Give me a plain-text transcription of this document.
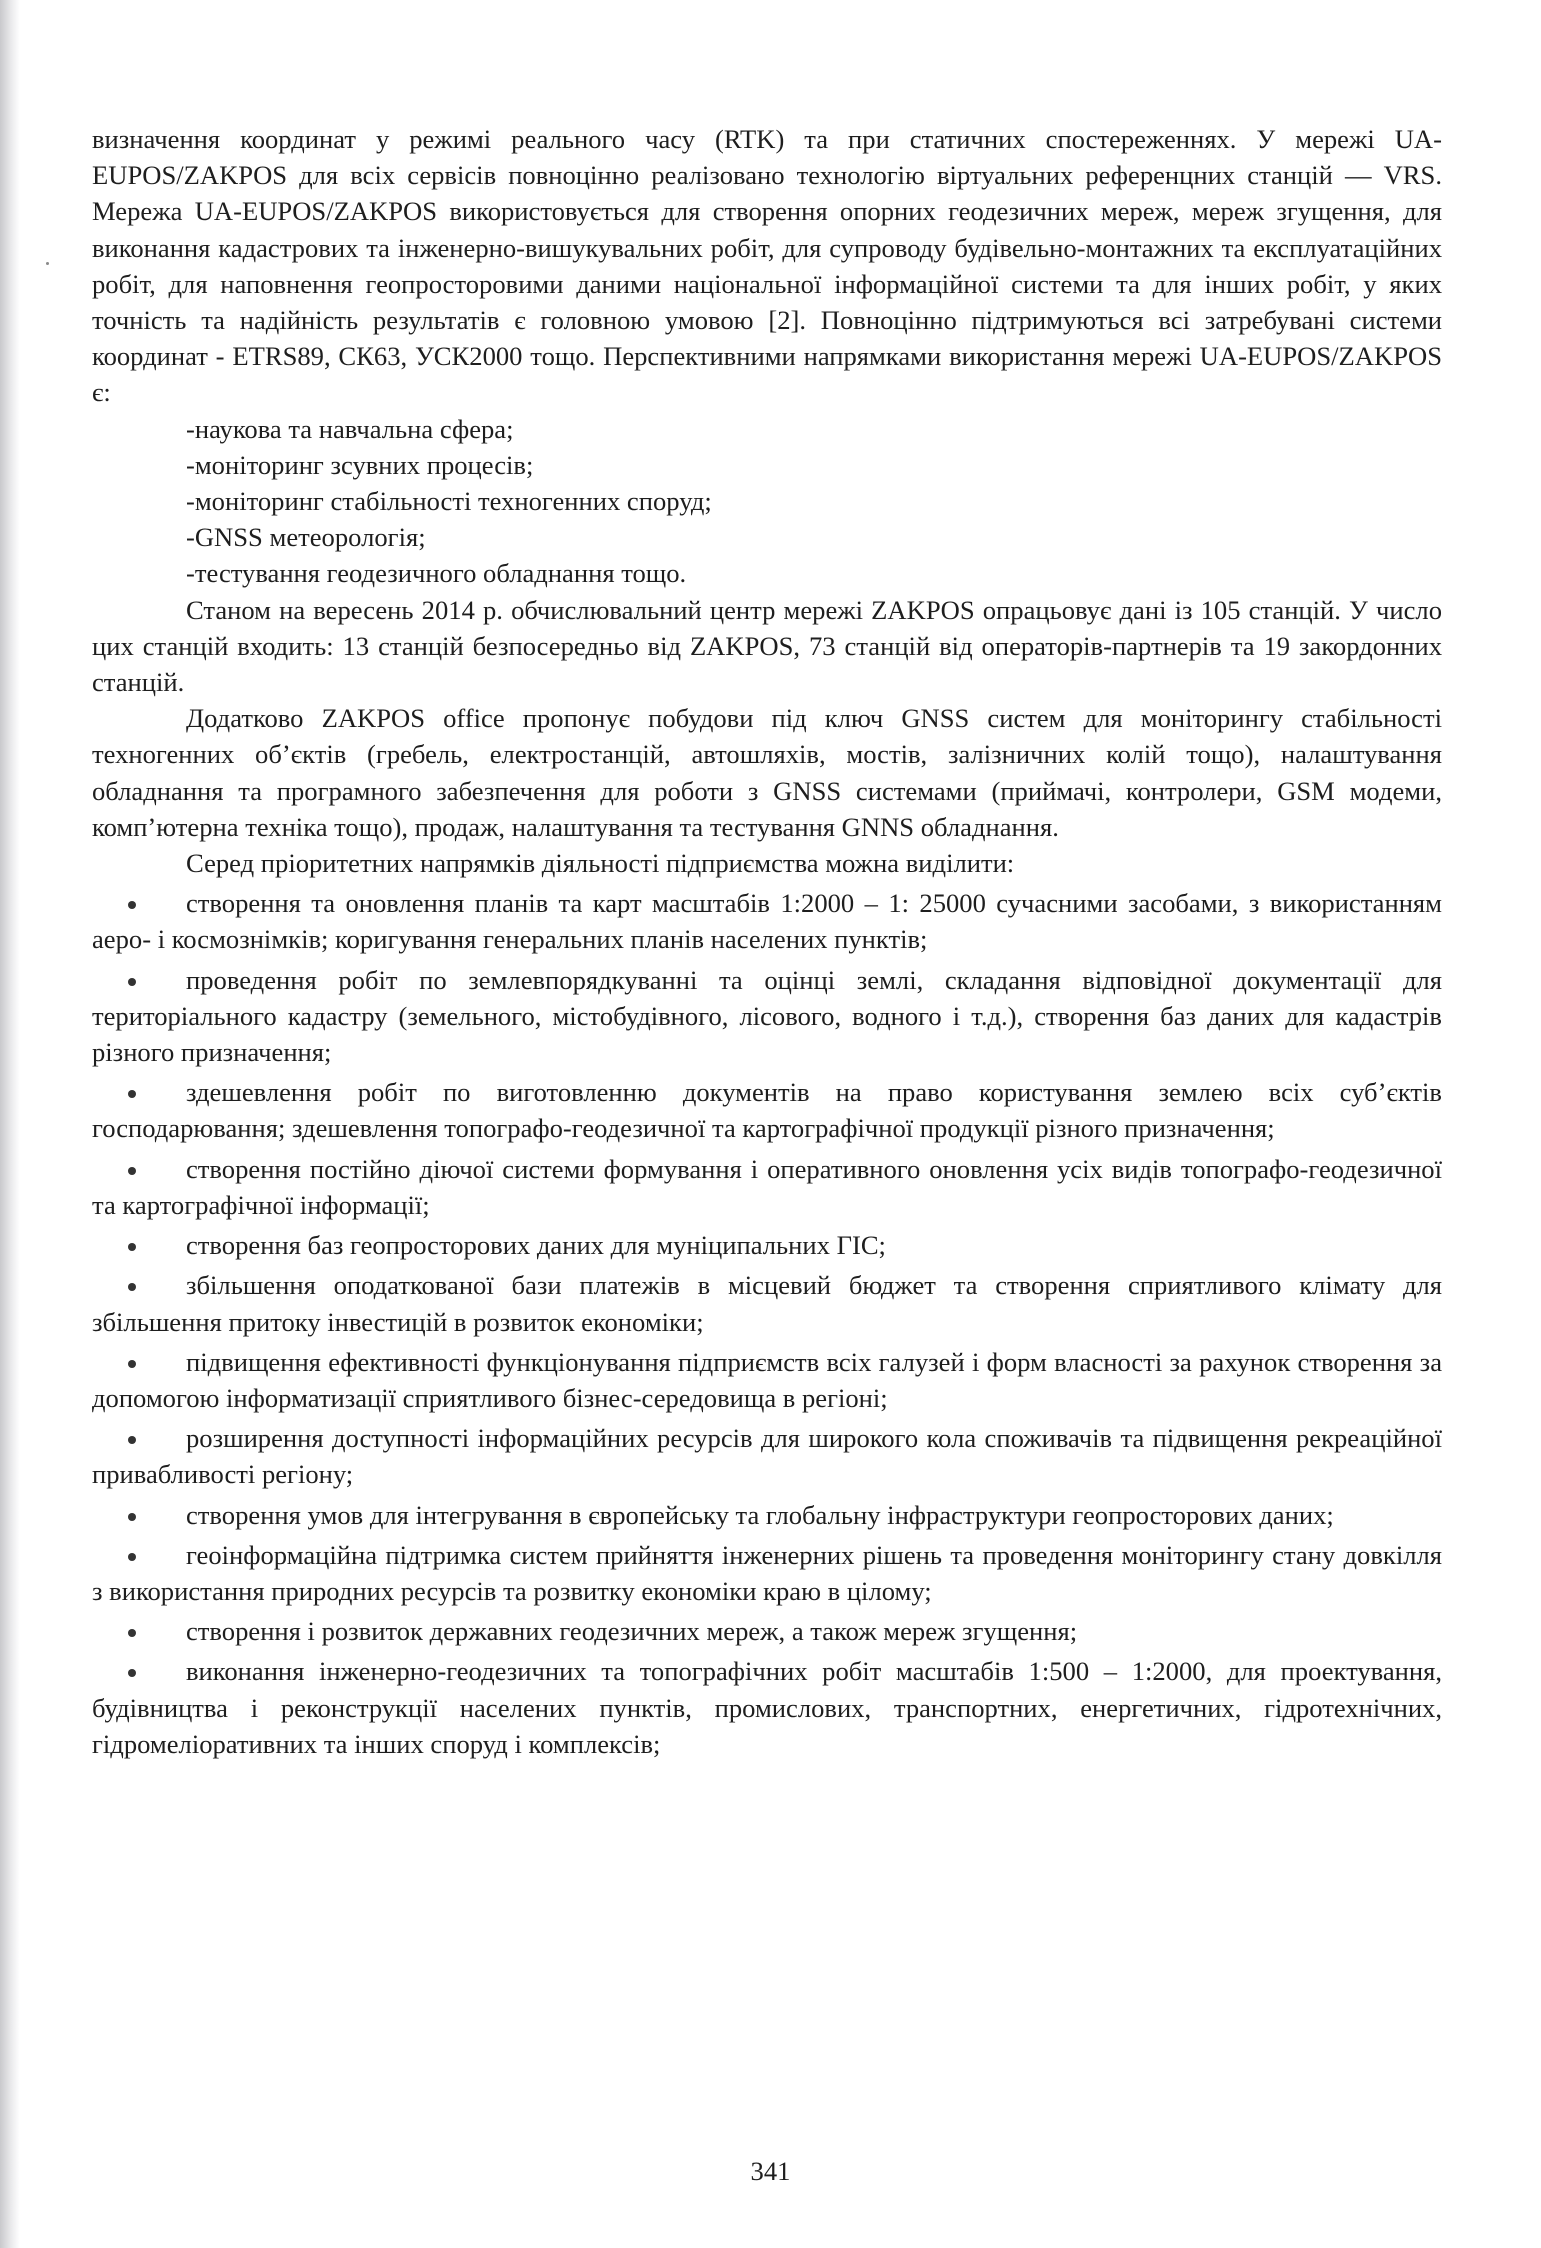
визначення координат у режимі реального часу (RTK) та при статичних спостереженнях. У мережі UA-EUPOS/ZAKPOS для всіх сервісів повноцінно реалізовано технологію віртуальних референцних станцій — VRS. Мережа UA-EUPOS/ZAKPOS використовується для створення опорних геодезичних мереж, мереж згущення, для виконання кадастрових та інженерно-вишукувальних робіт, для супроводу будівельно-монтажних та експлуатаційних робіт, для наповнення геопросторовими даними національної інформаційної системи та для інших робіт, у яких точність та надійність результатів є головною умовою [2]. Повноцінно підтримуються всі затребувані системи координат - ETRS89, СК63, УСК2000 тощо. Перспективними напрямками використання мережі UA-EUPOS/ZAKPOS є:

-наукова та навчальна сфера;
-моніторинг зсувних процесів;
-моніторинг стабільності техногенних споруд;
-GNSS метеорологія;
-тестування геодезичного обладнання тощо.

Станом на вересень 2014 р. обчислювальний центр мережі ZAKPOS опрацьовує дані із 105 станцій. У число цих станцій входить: 13 станцій безпосередньо від ZAKPOS, 73 станцій від операторів-партнерів та 19 закордонних станцій.

Додатково ZAKPOS office пропонує побудови під ключ GNSS систем для моніторингу стабільності техногенних об’єктів (гребель, електростанцій, автошляхів, мостів, залізничних колій тощо), налаштування обладнання та програмного забезпечення для роботи з GNSS системами (приймачі, контролери, GSM модеми, комп’ютерна техніка тощо), продаж, налаштування та тестування GNNS обладнання.

Серед пріоритетних напрямків діяльності підприємства можна виділити:

створення та оновлення планів та карт масштабів 1:2000 – 1: 25000 сучасними засобами, з використанням аеро- і космознімків; коригування генеральних планів населених пунктів;
проведення робіт по землевпорядкуванні та оцінці землі, складання відповідної документації для територіального кадастру (земельного, містобудівного, лісового, водного і т.д.), створення баз даних для кадастрів різного призначення;
здешевлення робіт по виготовленню документів на право користування землею всіх суб’єктів господарювання; здешевлення топографо-геодезичної та картографічної продукції різного призначення;
створення постійно діючої системи формування і оперативного оновлення усіх видів топографо-геодезичної та картографічної інформації;
створення баз геопросторових даних для муніципальних ГІС;
збільшення оподаткованої бази платежів в місцевий бюджет та створення сприятливого клімату для збільшення притоку інвестицій в розвиток економіки;
підвищення ефективності функціонування підприємств всіх галузей і форм власності за рахунок створення за допомогою інформатизації сприятливого бізнес-середовища в регіоні;
розширення доступності інформаційних ресурсів для широкого кола споживачів та підвищення рекреаційної привабливості регіону;
створення умов для інтегрування в європейську та глобальну інфраструктури геопросторових даних;
геоінформаційна підтримка систем прийняття інженерних рішень та проведення моніторингу стану довкілля з використання природних ресурсів та розвитку економіки краю в цілому;
створення і розвиток державних геодезичних мереж, а також мереж згущення;
виконання інженерно-геодезичних та топографічних робіт масштабів 1:500 – 1:2000, для проектування, будівництва і реконструкції населених пунктів, промислових, транспортних, енергетичних, гідротехнічних, гідромеліоративних та інших споруд і комплексів;
341
